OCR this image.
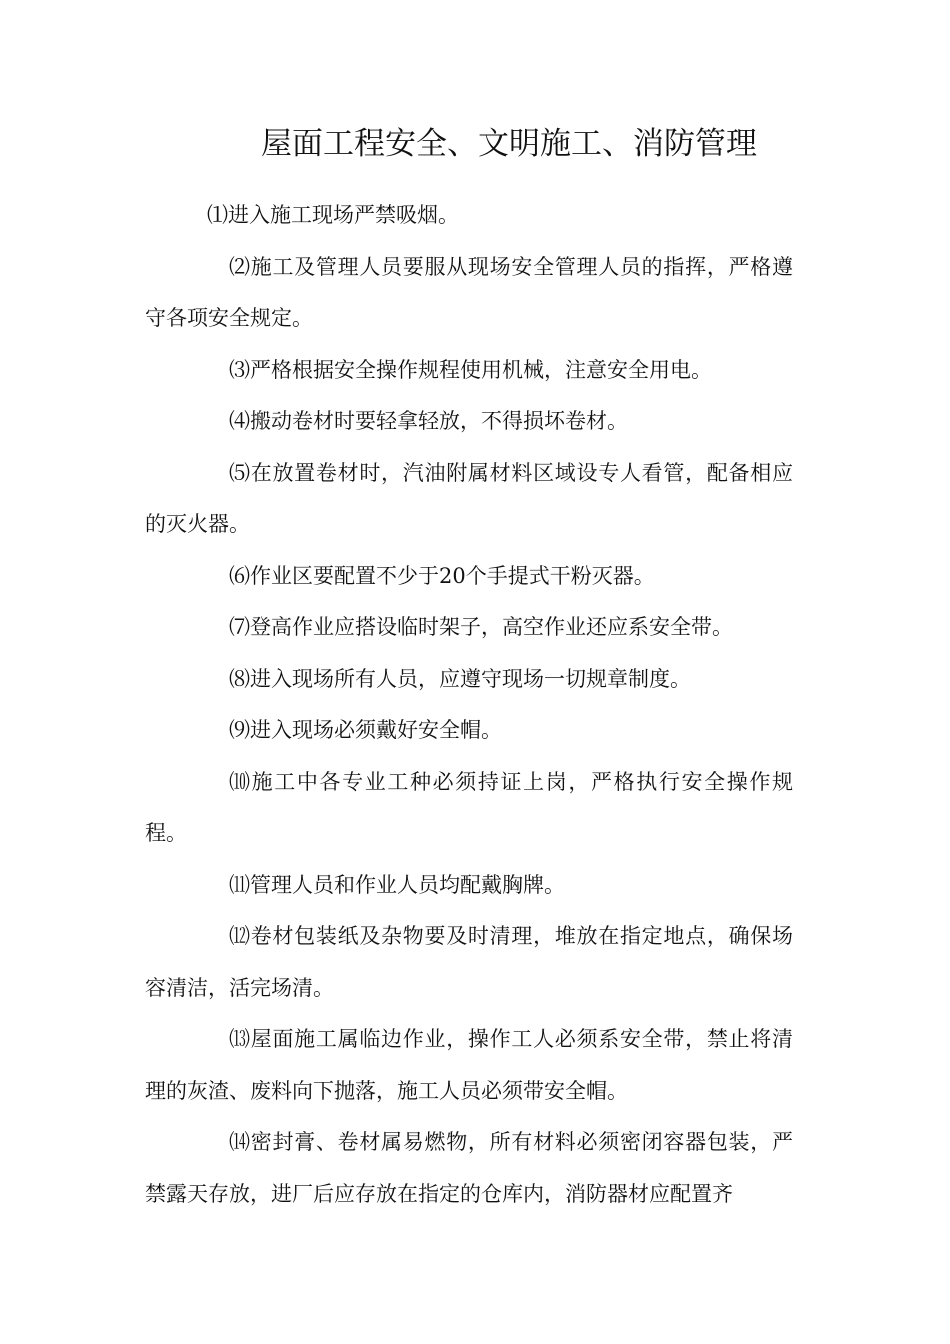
屋面工程安全、文明施工、消防管理

⑴进入施工现场严禁吸烟。

⑵施工及管理人员要服从现场安全管理人员的指挥，严格遵守各项安全规定。

⑶严格根据安全操作规程使用机械，注意安全用电。

⑷搬动卷材时要轻拿轻放，不得损坏卷材。

⑸在放置卷材时，汽油附属材料区域设专人看管，配备相应的灭火器。

⑹作业区要配置不少于20个手提式干粉灭器。

⑺登高作业应搭设临时架子，高空作业还应系安全带。

⑻进入现场所有人员，应遵守现场一切规章制度。

⑼进入现场必须戴好安全帽。

⑽施工中各专业工种必须持证上岗，严格执行安全操作规程。

⑾管理人员和作业人员均配戴胸牌。

⑿卷材包装纸及杂物要及时清理，堆放在指定地点，确保场容清洁，活完场清。

⒀屋面施工属临边作业，操作工人必须系安全带，禁止将清理的灰渣、废料向下抛落，施工人员必须带安全帽。

⒁密封膏、卷材属易燃物，所有材料必须密闭容器包装，严禁露天存放，进厂后应存放在指定的仓库内，消防器材应配置齐
